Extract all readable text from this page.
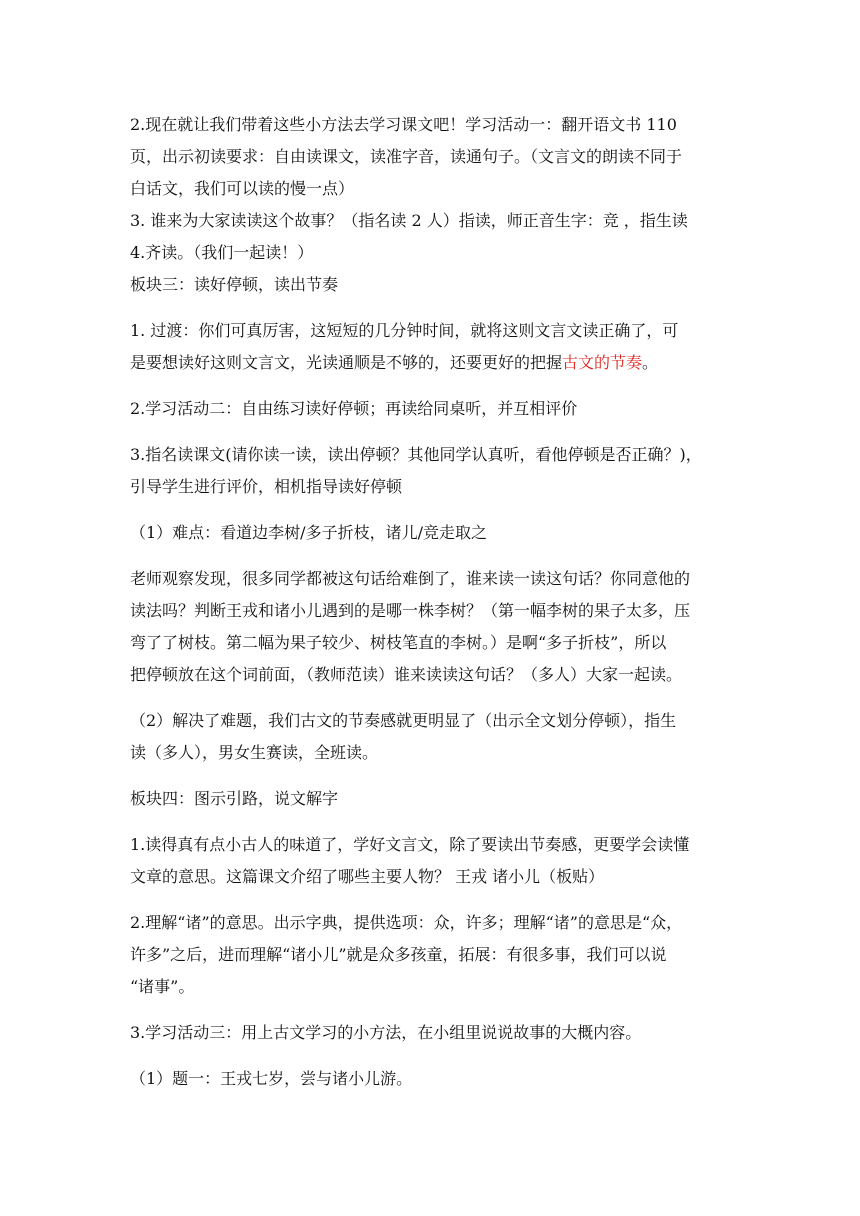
2.现在就让我们带着这些小方法去学习课文吧！学习活动一：翻开语文书 110

页，出示初读要求：自由读课文，读准字音，读通句子。（文言文的朗读不同于

白话文，我们可以读的慢一点）

3. 谁来为大家读读这个故事？（指名读 2 人）指读，师正音生字：竞 ，指生读

4.齐读。（我们一起读！）

板块三：读好停顿，读出节奏

1. 过渡：你们可真厉害，这短短的几分钟时间，就将这则文言文读正确了，可

是要想读好这则文言文，光读通顺是不够的，还要更好的把握古文的节奏。

2.学习活动二：自由练习读好停顿；再读给同桌听，并互相评价

3.指名读课文(请你读一读，读出停顿？其他同学认真听，看他停顿是否正确？)，

引导学生进行评价，相机指导读好停顿

（1）难点：看道边李树/多子折枝，诸儿/竞走取之

老师观察发现，很多同学都被这句话给难倒了，谁来读一读这句话？你同意他的

读法吗？判断王戎和诸小儿遇到的是哪一株李树？（第一幅李树的果子太多，压

弯了了树枝。第二幅为果子较少、树枝笔直的李树。）是啊“多子折枝”，所以

把停顿放在这个词前面，（教师范读）谁来读读这句话？（多人）大家一起读。

（2）解决了难题，我们古文的节奏感就更明显了（出示全文划分停顿），指生

读（多人），男女生赛读，全班读。

板块四：图示引路，说文解字

1.读得真有点小古人的味道了，学好文言文，除了要读出节奏感，更要学会读懂

文章的意思。这篇课文介绍了哪些主要人物？ 王戎 诸小儿（板贴）

2.理解“诸”的意思。出示字典，提供选项：众，许多；理解“诸”的意思是“众，

许多”之后，进而理解“诸小儿”就是众多孩童，拓展：有很多事，我们可以说

“诸事”。

3.学习活动三：用上古文学习的小方法，在小组里说说故事的大概内容。

（1）题一：王戎七岁，尝与诸小儿游。
